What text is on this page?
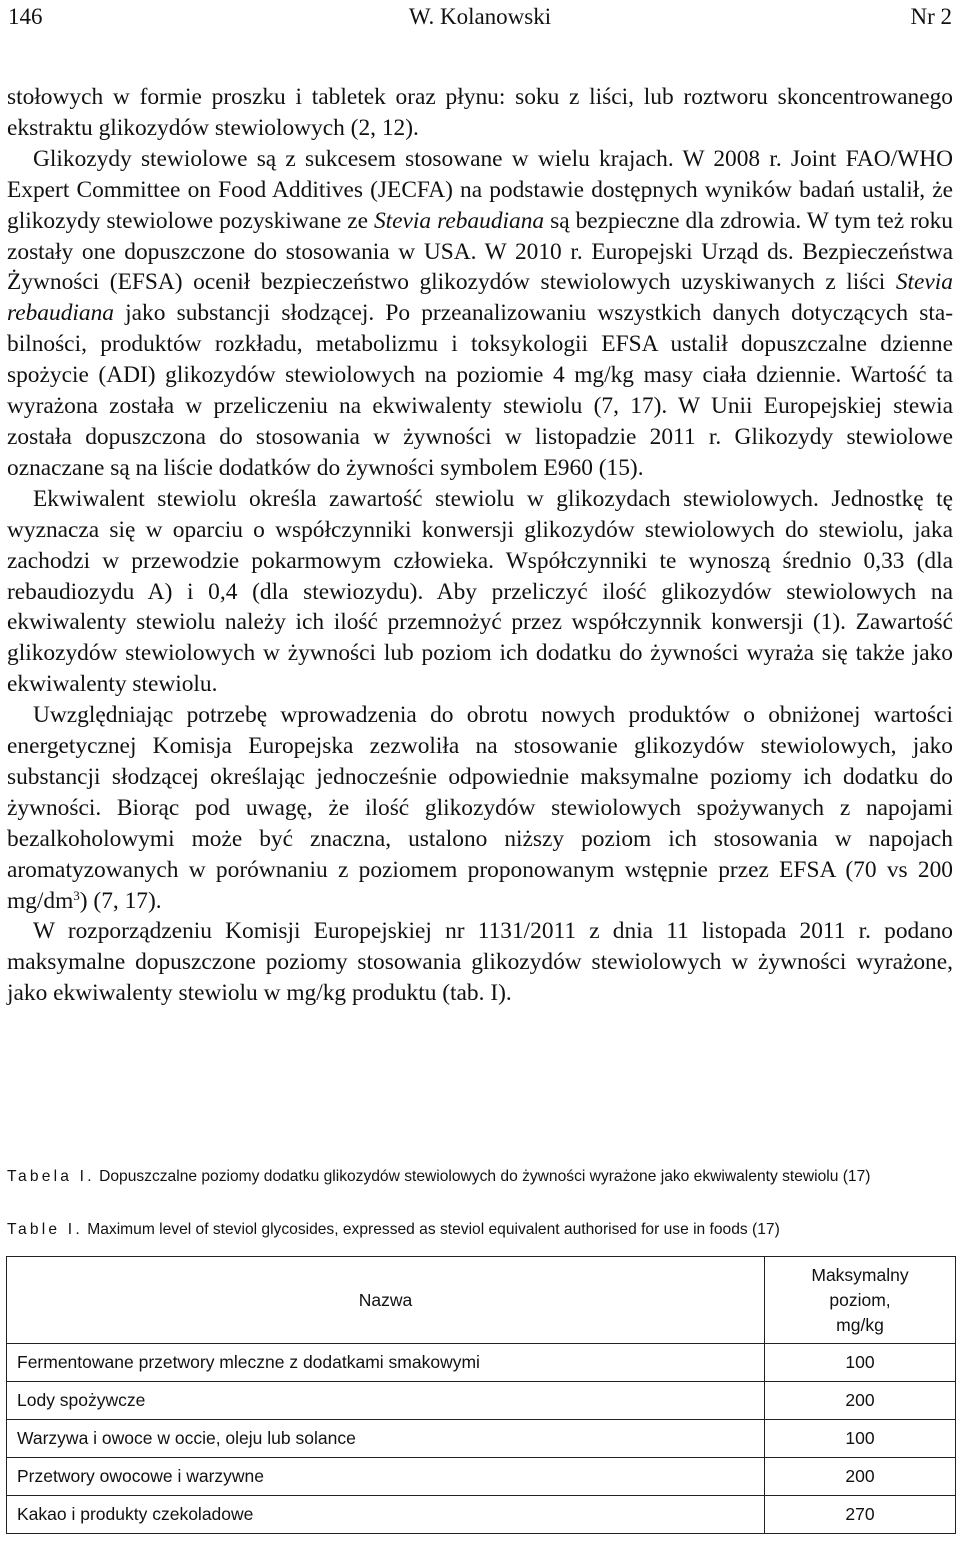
146	W. Kolanowski	Nr 2

stołowych w formie proszku i tabletek oraz płynu: soku z liści, lub roztworu skoncentrowanego ekstraktu glikozydów stewiolowych (2, 12).

Glikozydy stewiolowe są z sukcesem stosowane w wielu krajach. W 2008 r. Joint FAO/WHO Expert Committee on Food Additives (JECFA) na podstawie dostępnych wyników badań ustalił, że glikozydy stewiolowe pozyskiwane ze Stevia rebaudiana są bezpieczne dla zdrowia. W tym też roku zostały one dopuszczone do stosowania w USA. W 2010 r. Europejski Urząd ds. Bezpieczeństwa Żywności (EFSA) ocenił bezpieczeństwo glikozydów stewiolowych uzyskiwanych z liści Stevia rebaudiana jako substancji słodzącej. Po przeanalizowaniu wszystkich danych dotyczących stabilności, produktów rozkładu, metabolizmu i toksykologii EFSA ustalił dopuszczalne dzienne spożycie (ADI) glikozydów stewiolowych na poziomie 4 mg/kg masy ciała dziennie. Wartość ta wyrażona została w przeliczeniu na ekwiwalenty stewiolu (7, 17). W Unii Europejskiej stewia została dopuszczona do stosowania w żywności w listopadzie 2011 r. Glikozydy stewiolowe oznaczane są na liście dodatków do żywności symbolem E960 (15).

Ekwiwalent stewiolu określa zawartość stewiolu w glikozydach stewiolowych. Jednostkę tę wyznacza się w oparciu o współczynniki konwersji glikozydów stewiolowych do stewiolu, jaka zachodzi w przewodzie pokarmowym człowieka. Współczynniki te wynoszą średnio 0,33 (dla rebaudiozydu A) i 0,4 (dla stewiozydu). Aby przeliczyć ilość glikozydów stewiolowych na ekwiwalenty stewiolu należy ich ilość przemnożyć przez współczynnik konwersji (1). Zawartość glikozydów stewiolowych w żywności lub poziom ich dodatku do żywności wyraża się także jako ekwiwalenty stewiolu.

Uwzględniając potrzebę wprowadzenia do obrotu nowych produktów o obniżonej wartości energetycznej Komisja Europejska zezwoliła na stosowanie glikozydów stewiolowych, jako substancji słodzącej określając jednocześnie odpowiednie maksymalne poziomy ich dodatku do żywności. Biorąc pod uwagę, że ilość glikozydów stewiolowych spożywanych z napojami bezalkoholowymi może być znaczna, ustalono niższy poziom ich stosowania w napojach aromatyzowanych w porównaniu z poziomem proponowanym wstępnie przez EFSA (70 vs 200 $mg/dm^3$) (7, 17).

W rozporządzeniu Komisji Europejskiej nr 1131/2011 z dnia 11 listopada 2011 r. podano maksymalne dopuszczone poziomy stosowania glikozydów stewiolowych w żywności wyrażone, jako ekwiwalenty stewiolu w mg/kg produktu (tab. I).

Tabela I. Dopuszczalne poziomy dodatku glikozydów stewiolowych do żywności wyrażone jako ekwiwalenty stewiolu (17)
Table I. Maximum level of steviol glycosides, expressed as steviol equivalent authorised for use in foods (17)
Nazwa	Maksymalny
poziom,
mg/kg
Fermentowane przetwory mleczne z dodatkami smakowymi	100
Lody spożywcze	200
Warzywa i owoce w occie, oleju lub solance	100
Przetwory owocowe i warzywne	200
Kakao i produkty czekoladowe	270
